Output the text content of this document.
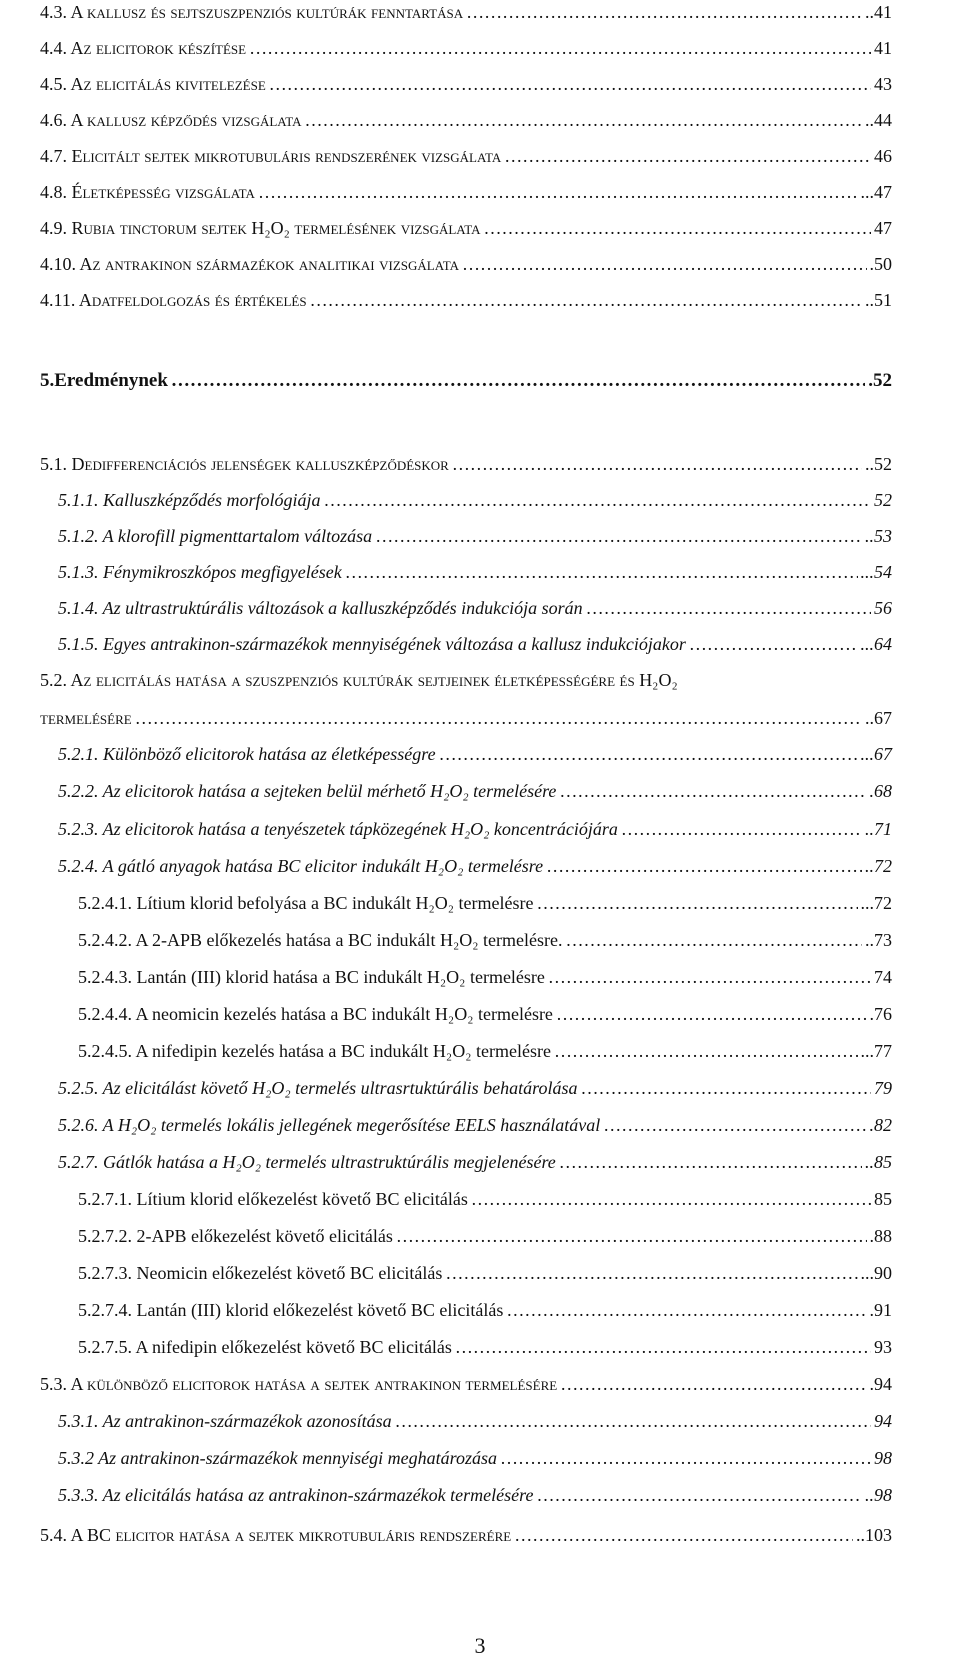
4.3. A kallusz és sejtszuszpenziós kultúrák fenntartása ……………………………………………………………………………………………………………………………………………………………………………………………………………………………	..41
4.4. Az elicitorok készítése ……………………………………………………………………………………………………………………………………………………………………………………………………………………………	41
4.5. Az elicitálás kivitelezése ……………………………………………………………………………………………………………………………………………………………………………………………………………………………	43
4.6. A kallusz képződés vizsgálata ……………………………………………………………………………………………………………………………………………………………………………………………………………………………	..44
4.7. Elicitált sejtek mikrotubuláris rendszerének vizsgálata ……………………………………………………………………………………………………………………………………………………………………………………………………………………………	46
4.8. Életképesség vizsgálata ……………………………………………………………………………………………………………………………………………………………………………………………………………………………	...47
4.9. Rubia tinctorum sejtek H₂O₂ termelésének vizsgálata ……………………………………………………………………………………………………………………………………………………………………………………………………………………………	47
4.10. Az antrakinon származékok analitikai vizsgálata ……………………………………………………………………………………………………………………………………………………………………………………………………………………………	.50
4.11. Adatfeldolgozás és értékelés ……………………………………………………………………………………………………………………………………………………………………………………………………………………………	..51
5.Eredménynek ……………………………………………………………………………………………………………………………………………………………………………………………………………………………	.52
5.1. Dedifferenciációs jelenségek kalluszképződéskor ……………………………………………………………………………………………………………………………………………………………………………………………………………………………	..52
5.1.1. Kalluszképződés morfológiája ……………………………………………………………………………………………………………………………………………………………………………………………………………………………	52
5.1.2. A klorofill pigmenttartalom változása ……………………………………………………………………………………………………………………………………………………………………………………………………………………………	..53
5.1.3. Fénymikroszkópos megfigyelések ……………………………………………………………………………………………………………………………………………………………………………………………………………………………	...54
5.1.4. Az ultrastruktúrális változások a kalluszképződés indukciója során ……………………………………………………………………………………………………………………………………………………………………………………………………………………………	56
5.1.5. Egyes antrakinon-származékok mennyiségének változása a kallusz indukciójakor ……………………………………………………………………………………………………………………………………………………………………………………………………………………………	...64
5.2. Az elicitálás hatása a szuszpenziós kultúrák sejtjeinek életképességére és H₂O₂
termelésére ……………………………………………………………………………………………………………………………………………………………………………………………………………………………	..67
5.2.1. Különböző elicitorok hatása az életképességre ……………………………………………………………………………………………………………………………………………………………………………………………………………………………	...67
5.2.2. Az elicitorok hatása a sejteken belül mérhető H₂O₂ termelésére ……………………………………………………………………………………………………………………………………………………………………………………………………………………………	.68
5.2.3. Az elicitorok hatása a tenyészetek tápközegének H₂O₂ koncentrációjára ……………………………………………………………………………………………………………………………………………………………………………………………………………………………	..71
5.2.4. A gátló anyagok hatása BC elicitor indukált H₂O₂ termelésre ……………………………………………………………………………………………………………………………………………………………………………………………………………………………	..72
5.2.4.1. Lítium klorid befolyása a BC indukált H₂O₂ termelésre ……………………………………………………………………………………………………………………………………………………………………………………………………………………………	...72
5.2.4.2. A 2-APB előkezelés hatása a BC indukált H₂O₂ termelésre. ……………………………………………………………………………………………………………………………………………………………………………………………………………………………	..73
5.2.4.3. Lantán (III) klorid hatása a BC indukált H₂O₂ termelésre ……………………………………………………………………………………………………………………………………………………………………………………………………………………………	74
5.2.4.4. A neomicin kezelés hatása a BC indukált H₂O₂ termelésre ……………………………………………………………………………………………………………………………………………………………………………………………………………………………	.76
5.2.4.5. A nifedipin kezelés hatása a BC indukált H₂O₂ termelésre ……………………………………………………………………………………………………………………………………………………………………………………………………………………………	...77
5.2.5. Az elicitálást követő H₂O₂ termelés ultrasrtuktúrális behatárolása ……………………………………………………………………………………………………………………………………………………………………………………………………………………………	79
5.2.6. A H₂O₂ termelés lokális jellegének megerősítése EELS használatával ……………………………………………………………………………………………………………………………………………………………………………………………………………………………	.82
5.2.7. Gátlók hatása a H₂O₂ termelés ultrastruktúrális megjelenésére ……………………………………………………………………………………………………………………………………………………………………………………………………………………………	..85
5.2.7.1. Lítium klorid előkezelést követő BC elicitálás ……………………………………………………………………………………………………………………………………………………………………………………………………………………………	85
5.2.7.2. 2-APB előkezelést követő elicitálás ……………………………………………………………………………………………………………………………………………………………………………………………………………………………	.88
5.2.7.3. Neomicin előkezelést követő BC elicitálás ……………………………………………………………………………………………………………………………………………………………………………………………………………………………	...90
5.2.7.4. Lantán (III) klorid előkezelést követő BC elicitálás ……………………………………………………………………………………………………………………………………………………………………………………………………………………………	.91
5.2.7.5. A nifedipin előkezelést követő BC elicitálás ……………………………………………………………………………………………………………………………………………………………………………………………………………………………	93
5.3. A különböző elicitorok hatása a sejtek antrakinon termelésére ……………………………………………………………………………………………………………………………………………………………………………………………………………………………	.94
5.3.1. Az antrakinon-származékok azonosítása ……………………………………………………………………………………………………………………………………………………………………………………………………………………………	94
5.3.2 Az antrakinon-származékok mennyiségi meghatározása ……………………………………………………………………………………………………………………………………………………………………………………………………………………………	98
5.3.3. Az elicitálás hatása az antrakinon-származékok termelésére ……………………………………………………………………………………………………………………………………………………………………………………………………………………………	..98
5.4. A BC elicitor hatása a sejtek mikrotubuláris rendszerére ……………………………………………………………………………………………………………………………………………………………………………………………………………………………	..103
3
